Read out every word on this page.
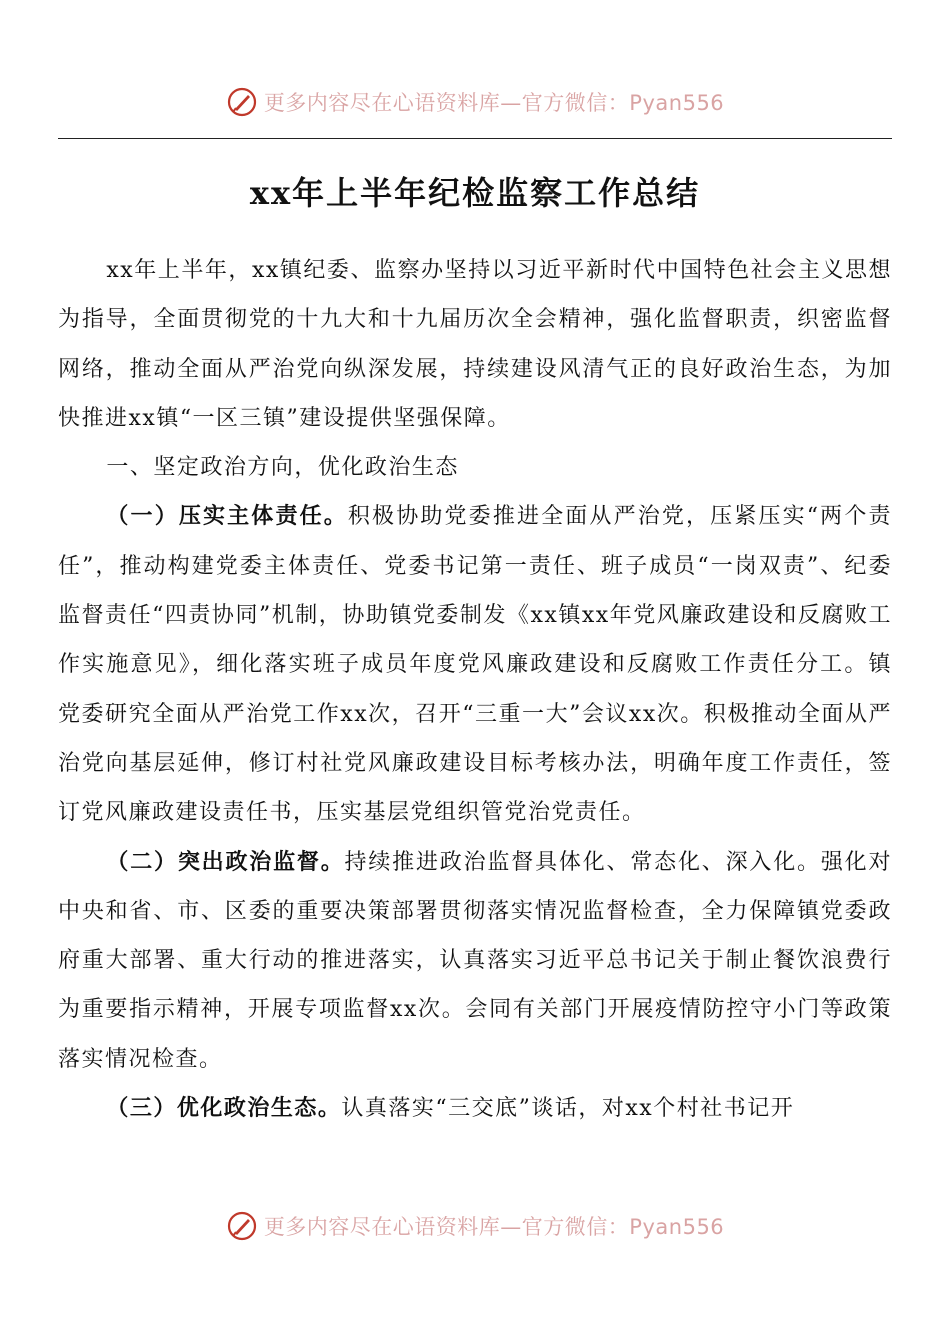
更多内容尽在心语资料库—官方微信：Pyan556
xx年上半年纪检监察工作总结

xx年上半年，xx镇纪委、监察办坚持以习近平新时代中国特色社会主义思想为指导，全面贯彻党的十九大和十九届历次全会精神，强化监督职责，织密监督网络，推动全面从严治党向纵深发展，持续建设风清气正的良好政治生态，为加快推进xx镇“一区三镇”建设提供坚强保障。

一、坚定政治方向，优化政治生态

（一）压实主体责任。积极协助党委推进全面从严治党，压紧压实“两个责任”，推动构建党委主体责任、党委书记第一责任、班子成员“一岗双责”、纪委监督责任“四责协同”机制，协助镇党委制发《xx镇xx年党风廉政建设和反腐败工作实施意见》，细化落实班子成员年度党风廉政建设和反腐败工作责任分工。镇党委研究全面从严治党工作xx次，召开“三重一大”会议xx次。积极推动全面从严治党向基层延伸，修订村社党风廉政建设目标考核办法，明确年度工作责任，签订党风廉政建设责任书，压实基层党组织管党治党责任。

（二）突出政治监督。持续推进政治监督具体化、常态化、深入化。强化对中央和省、市、区委的重要决策部署贯彻落实情况监督检查，全力保障镇党委政府重大部署、重大行动的推进落实，认真落实习近平总书记关于制止餐饮浪费行为重要指示精神，开展专项监督xx次。会同有关部门开展疫情防控守小门等政策落实情况检查。

（三）优化政治生态。认真落实“三交底”谈话，对xx个村社书记开

更多内容尽在心语资料库—官方微信：Pyan556
